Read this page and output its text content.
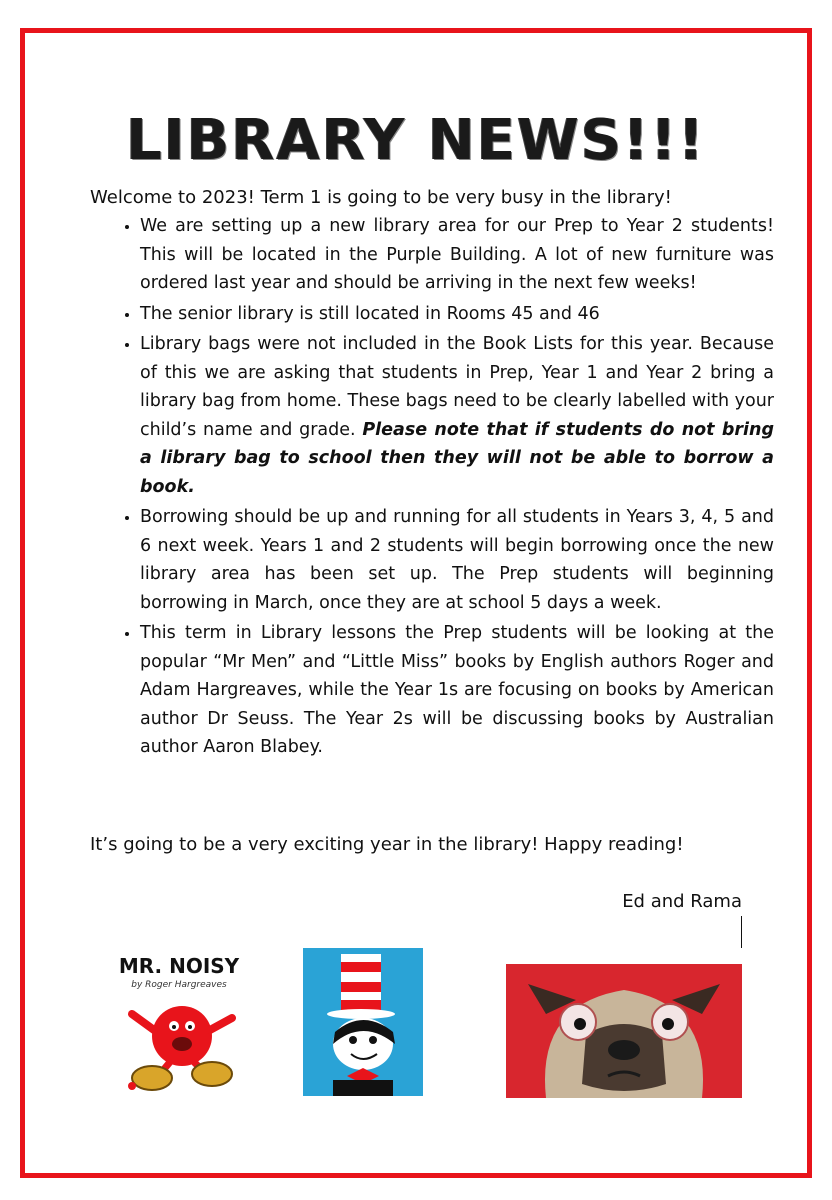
LIBRARY NEWS!!!
Welcome to 2023! Term 1 is going to be very busy in the library!
• We are setting up a new library area for our Prep to Year 2 students! This will be located in the Purple Building. A lot of new furniture was ordered last year and should be arriving in the next few weeks!
• The senior library is still located in Rooms 45 and 46
• Library bags were not included in the Book Lists for this year. Because of this we are asking that students in Prep, Year 1 and Year 2 bring a library bag from home. These bags need to be clearly labelled with your child’s name and grade. Please note that if students do not bring a library bag to school then they will not be able to borrow a book.
• Borrowing should be up and running for all students in Years 3, 4, 5 and 6 next week. Years 1 and 2 students will begin borrowing once the new library area has been set up. The Prep students will beginning borrowing in March, once they are at school 5 days a week.
• This term in Library lessons the Prep students will be looking at the popular “Mr Men” and “Little Miss” books by English authors Roger and Adam Hargreaves, while the Year 1s are focusing on books by American author Dr Seuss. The Year 2s will be discussing books by Australian author Aaron Blabey.
It’s going to be a very exciting year in the library! Happy reading!
Ed and Rama
MR. NOISY
by Roger Hargreaves
